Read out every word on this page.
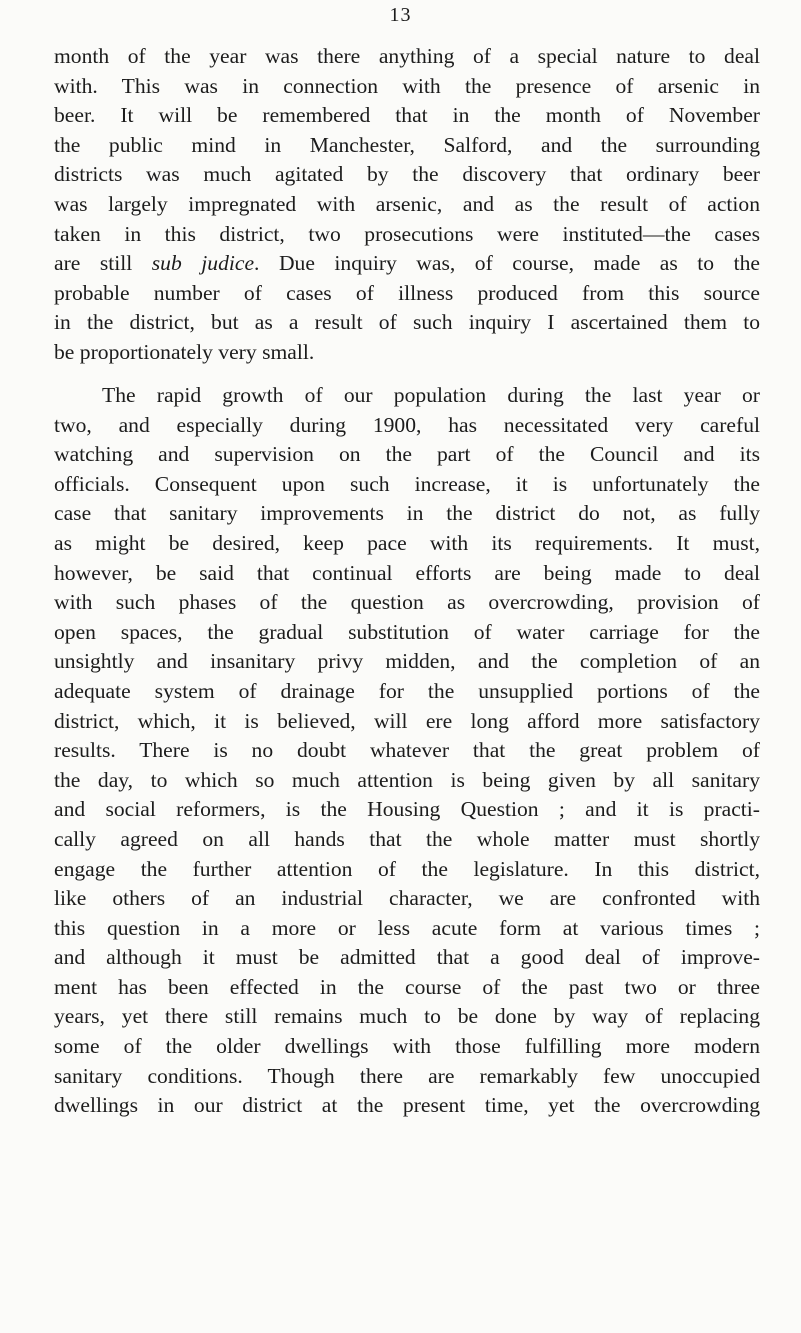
13
month of the year was there anything of a special nature to deal
with. This was in connection with the presence of arsenic in
beer. It will be remembered that in the month of November
the public mind in Manchester, Salford, and the surrounding
districts was much agitated by the discovery that ordinary beer
was largely impregnated with arsenic, and as the result of action
taken in this district, two prosecutions were instituted—the cases
are still sub judice. Due inquiry was, of course, made as to the
probable number of cases of illness produced from this source
in the district, but as a result of such inquiry I ascertained them to
be proportionately very small.
The rapid growth of our population during the last year or
two, and especially during 1900, has necessitated very careful
watching and supervision on the part of the Council and its
officials. Consequent upon such increase, it is unfortunately the
case that sanitary improvements in the district do not, as fully
as might be desired, keep pace with its requirements. It must,
however, be said that continual efforts are being made to deal
with such phases of the question as overcrowding, provision of
open spaces, the gradual substitution of water carriage for the
unsightly and insanitary privy midden, and the completion of an
adequate system of drainage for the unsupplied portions of the
district, which, it is believed, will ere long afford more satisfactory
results. There is no doubt whatever that the great problem of
the day, to which so much attention is being given by all sanitary
and social reformers, is the Housing Question ; and it is practi-
cally agreed on all hands that the whole matter must shortly
engage the further attention of the legislature. In this district,
like others of an industrial character, we are confronted with
this question in a more or less acute form at various times ;
and although it must be admitted that a good deal of improve-
ment has been effected in the course of the past two or three
years, yet there still remains much to be done by way of replacing
some of the older dwellings with those fulfilling more modern
sanitary conditions. Though there are remarkably few unoccupied
dwellings in our district at the present time, yet the overcrowding
